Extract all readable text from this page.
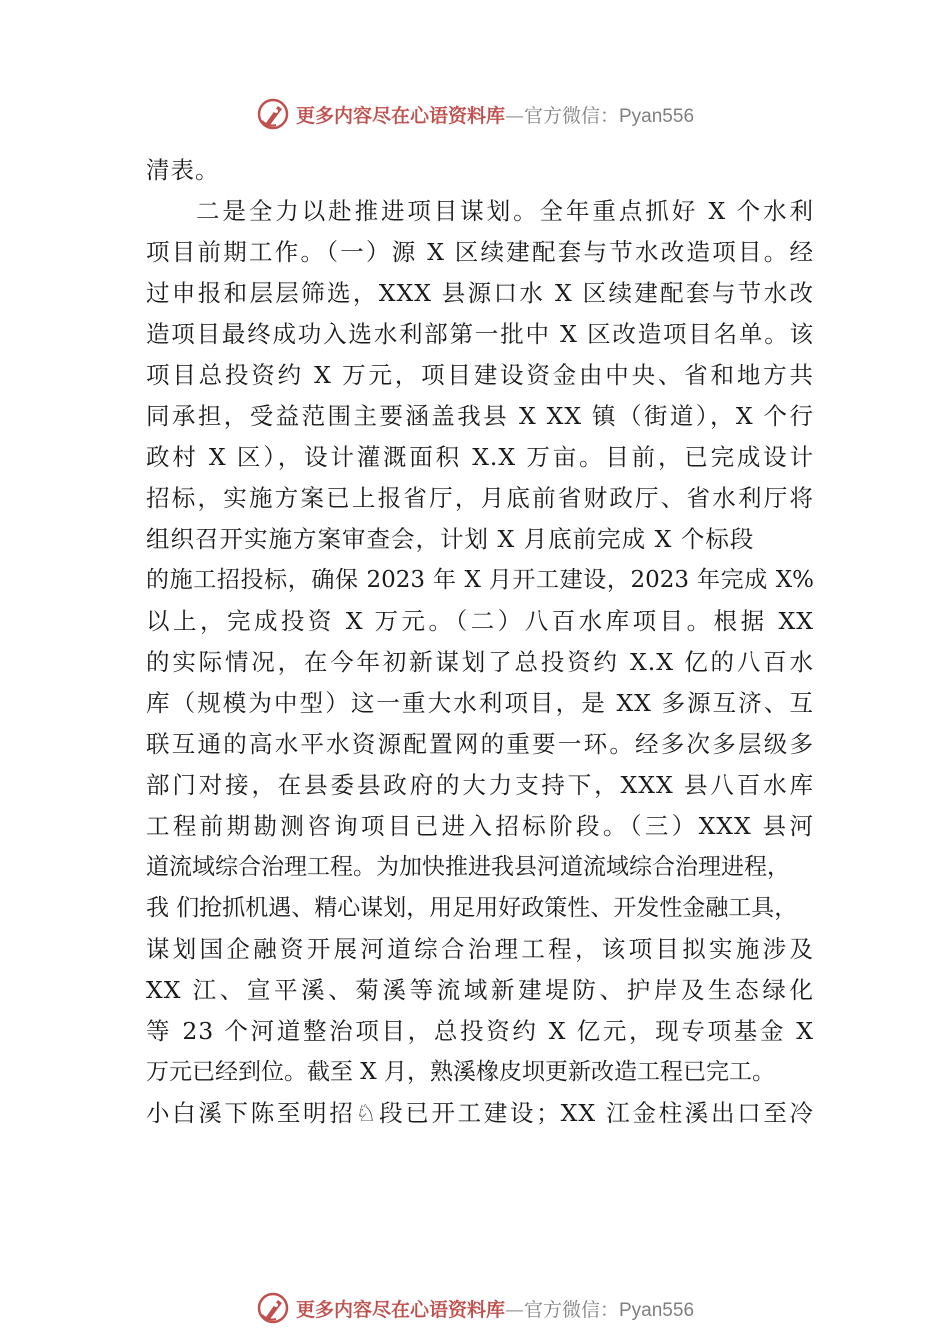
更多内容尽在心语资料库—官方微信：Pyan556
清表。
二是全力以赴推进项目谋划。全年重点抓好 X 个水利
项目前期工作。（一）源 X 区续建配套与节水改造项目。经
过申报和层层筛选，XXX 县源口水 X 区续建配套与节水改
造项目最终成功入选水利部第一批中 X 区改造项目名单。该
项目总投资约 X 万元，项目建设资金由中央、省和地方共
同承担，受益范围主要涵盖我县 X XX 镇（街道），X 个行
政村 X 区），设计灌溉面积 X.X 万亩。目前，已完成设计
招标，实施方案已上报省厅，月底前省财政厅、省水利厅将
组织召开实施方案审查会，计划 X 月底前完成 X 个标段
的施工招投标，确保 2023 年 X 月开工建设，2023 年完成 X%
以上，完成投资 X 万元。（二）八百水库项目。根据 XX
的实际情况，在今年初新谋划了总投资约 X.X 亿的八百水
库（规模为中型）这一重大水利项目，是 XX 多源互济、互
联互通的高水平水资源配置网的重要一环。经多次多层级多
部门对接，在县委县政府的大力支持下，XXX 县八百水库
工程前期勘测咨询项目已进入招标阶段。（三）XXX 县河
道流域综合治理工程。为加快推进我县河道流域综合治理进程，
我 们抢抓机遇、精心谋划，用足用好政策性、开发性金融工具，
谋划国企融资开展河道综合治理工程，该项目拟实施涉及
XX 江、宣平溪、菊溪等流域新建堤防、护岸及生态绿化
等 23 个河道整治项目，总投资约 X 亿元，现专项基金 X
万元已经到位。截至 X 月，熟溪橡皮坝更新改造工程已完工。
小白溪下陈至明招♘段已开工建设；XX 江金柱溪出口至冷
更多内容尽在心语资料库—官方微信：Pyan556
